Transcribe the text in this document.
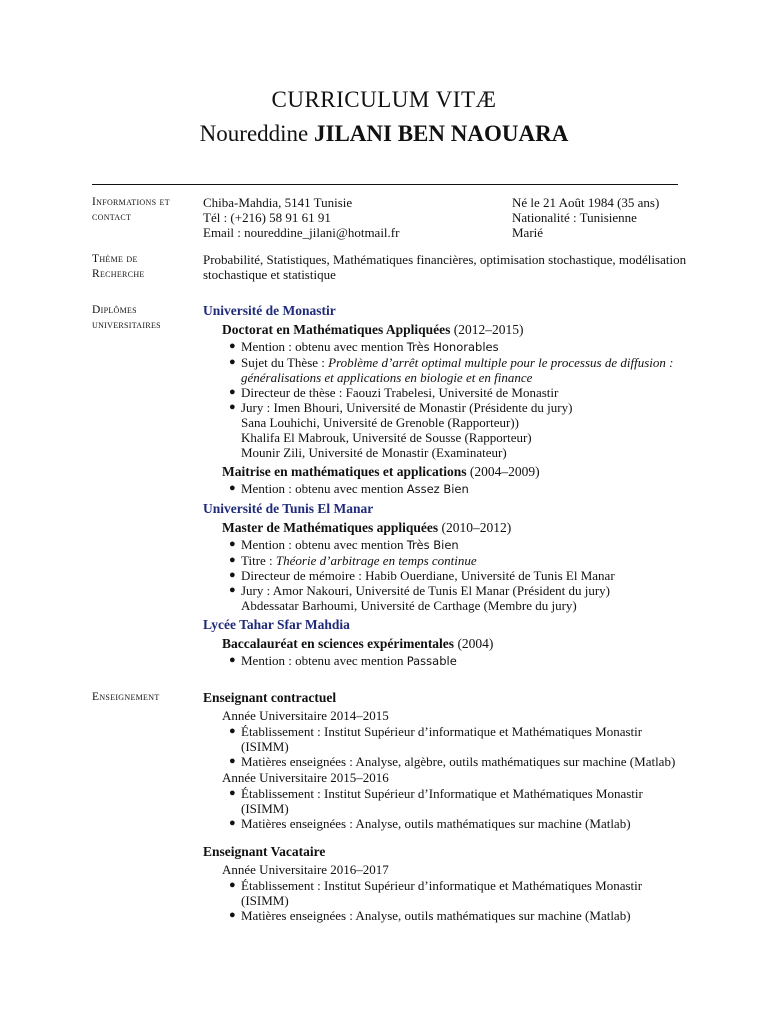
CURRICULUM VITÆ
Noureddine JILANI BEN NAOUARA
Informations et
contact
Chiba-Mahdia, 5141 Tunisie
Tél : (+216) 58 91 61 91
Email : noureddine_jilani@hotmail.fr
Né le 21 Août 1984 (35 ans)
Nationalité : Tunisienne
Marié
Thème de
Recherche
Probabilité, Statistiques, Mathématiques financières, optimisation stochastique, modélisation
stochastique et statistique
Diplômes
universitaires
Université de Monastir
Doctorat en Mathématiques Appliquées (2012–2015)
● Mention : obtenu avec mention Très Honorables
● Sujet du Thèse : Problème d’arrêt optimal multiple pour le processus de diffusion :
généralisations et applications en biologie et en finance
● Directeur de thèse : Faouzi Trabelesi, Université de Monastir
● Jury : Imen Bhouri, Université de Monastir (Présidente du jury)
Sana Louhichi, Université de Grenoble (Rapporteur))
Khalifa El Mabrouk, Université de Sousse (Rapporteur)
Mounir Zili, Université de Monastir (Examinateur)
Maitrise en mathématiques et applications (2004–2009)
● Mention : obtenu avec mention Assez Bien
Université de Tunis El Manar
Master de Mathématiques appliquées (2010–2012)
● Mention : obtenu avec mention Très Bien
● Titre : Théorie d’arbitrage en temps continue
● Directeur de mémoire : Habib Ouerdiane, Université de Tunis El Manar
● Jury : Amor Nakouri, Université de Tunis El Manar (Président du jury)
Abdessatar Barhoumi, Université de Carthage (Membre du jury)
Lycée Tahar Sfar Mahdia
Baccalauréat en sciences expérimentales (2004)
● Mention : obtenu avec mention Passable
Enseignement	Enseignant contractuel
Année Universitaire 2014–2015
● Établissement : Institut Supérieur d’informatique et Mathématiques Monastir
(ISIMM)
● Matières enseignées : Analyse, algèbre, outils mathématiques sur machine (Matlab)
Année Universitaire 2015–2016
● Établissement : Institut Supérieur d’Informatique et Mathématiques Monastir
(ISIMM)
● Matières enseignées : Analyse, outils mathématiques sur machine (Matlab)
Enseignant Vacataire
Année Universitaire 2016–2017
● Établissement : Institut Supérieur d’informatique et Mathématiques Monastir
(ISIMM)
● Matières enseignées : Analyse, outils mathématiques sur machine (Matlab)
